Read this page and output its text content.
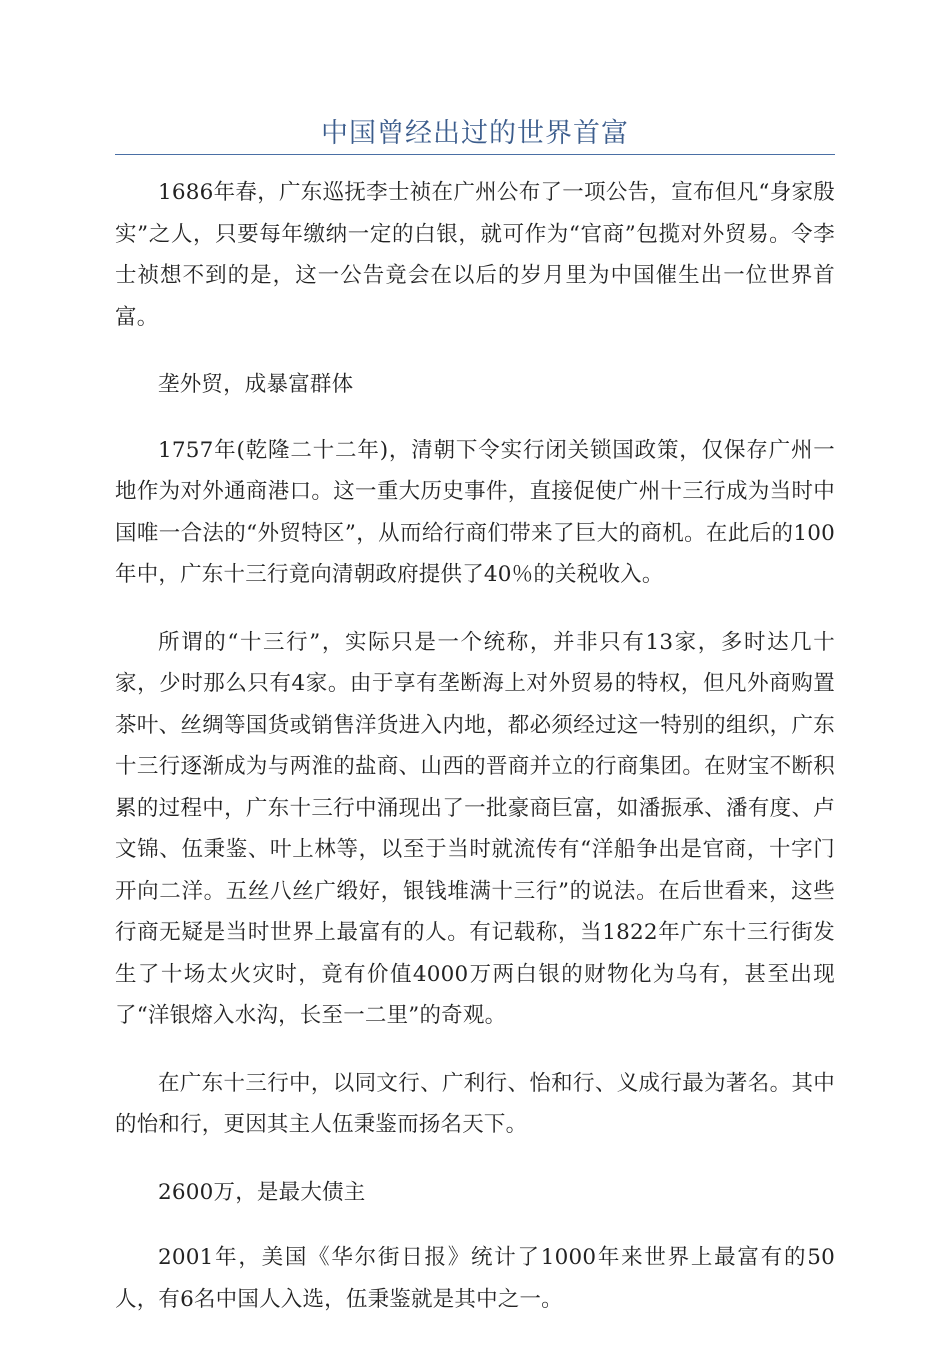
中国曾经出过的世界首富

1686年春，广东巡抚李士祯在广州公布了一项公告，宣布但凡“身家殷实”之人，只要每年缴纳一定的白银，就可作为“官商”包揽对外贸易。令李士祯想不到的是，这一公告竟会在以后的岁月里为中国催生出一位世界首富。

垄外贸，成暴富群体

1757年(乾隆二十二年)，清朝下令实行闭关锁国政策，仅保存广州一地作为对外通商港口。这一重大历史事件，直接促使广州十三行成为当时中国唯一合法的“外贸特区”，从而给行商们带来了巨大的商机。在此后的100年中，广东十三行竟向清朝政府提供了40％的关税收入。

所谓的“十三行”，实际只是一个统称，并非只有13家，多时达几十家，少时那么只有4家。由于享有垄断海上对外贸易的特权，但凡外商购置茶叶、丝绸等国货或销售洋货进入内地，都必须经过这一特别的组织，广东十三行逐渐成为与两淮的盐商、山西的晋商并立的行商集团。在财宝不断积累的过程中，广东十三行中涌现出了一批豪商巨富，如潘振承、潘有度、卢文锦、伍秉鉴、叶上林等，以至于当时就流传有“洋船争出是官商，十字门开向二洋。五丝八丝广缎好，银钱堆满十三行”的说法。在后世看来，这些行商无疑是当时世界上最富有的人。有记载称，当1822年广东十三行街发生了十场太火灾时，竟有价值4000万两白银的财物化为乌有，甚至出现了“洋银熔入水沟，长至一二里”的奇观。

在广东十三行中，以同文行、广利行、怡和行、义成行最为著名。其中的怡和行，更因其主人伍秉鉴而扬名天下。

2600万，是最大债主

2001年，美国《华尔街日报》统计了1000年来世界上最富有的50人，有6名中国人入选，伍秉鉴就是其中之一。
